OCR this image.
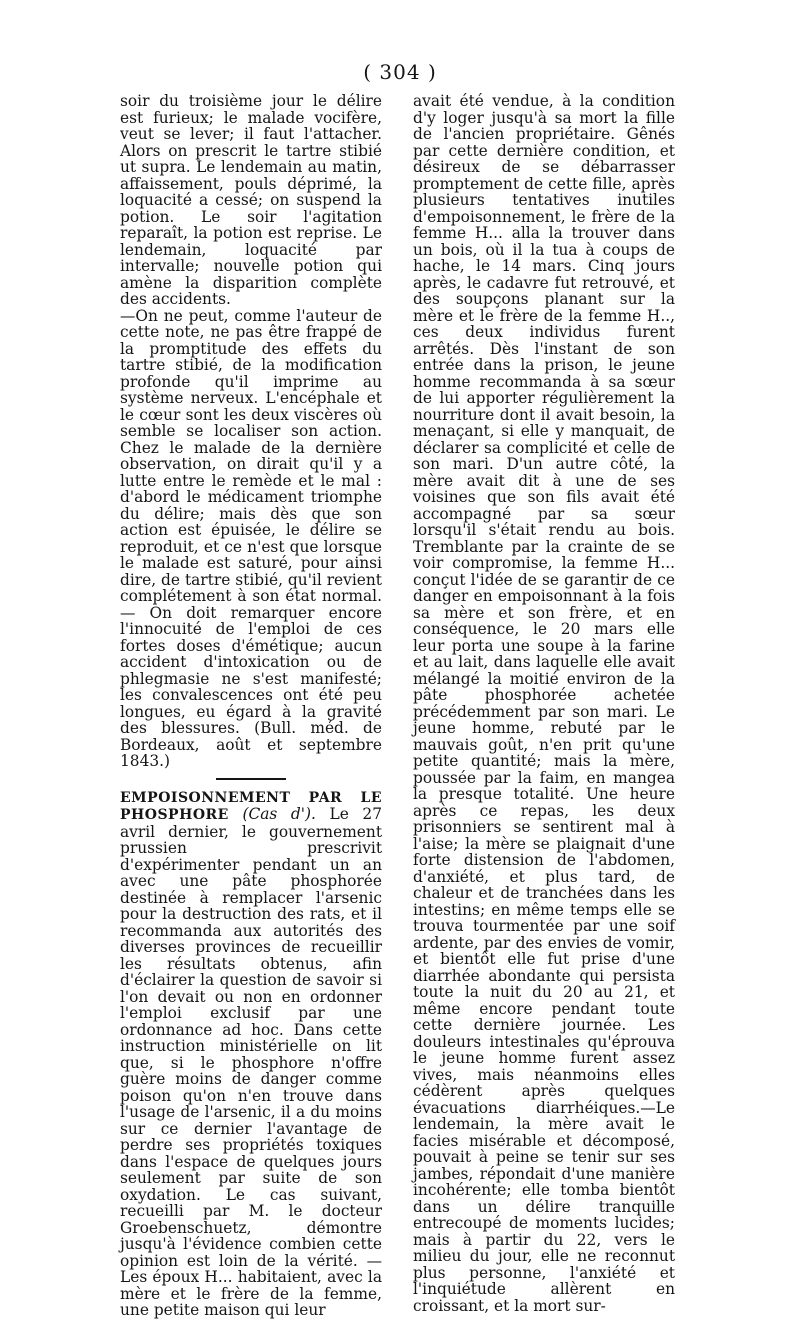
( 304 )

soir du troisième jour le délire est furieux; le malade vocifère, veut se lever; il faut l'attacher. Alors on prescrit le tartre stibié ut supra. Le lendemain au matin, affaissement, pouls déprimé, la loquacité a cessé; on suspend la potion. Le soir l'agitation reparaît, la potion est reprise. Le lendemain, loquacité par intervalle; nouvelle potion qui amène la disparition complète des accidents.

—On ne peut, comme l'auteur de cette note, ne pas être frappé de la promptitude des effets du tartre stibié, de la modification profonde qu'il imprime au système nerveux. L'encéphale et le cœur sont les deux viscères où semble se localiser son action. Chez le malade de la dernière observation, on dirait qu'il y a lutte entre le remède et le mal : d'abord le médicament triomphe du délire; mais dès que son action est épuisée, le délire se reproduit, et ce n'est que lorsque le malade est saturé, pour ainsi dire, de tartre stibié, qu'il revient complétement à son état normal. — On doit remarquer encore l'innocuité de l'emploi de ces fortes doses d'émétique; aucun accident d'intoxication ou de phlegmasie ne s'est manifesté; les convalescences ont été peu longues, eu égard à la gravité des blessures. (Bull. méd. de Bordeaux, août et septembre 1843.)

EMPOISONNEMENT PAR LE PHOSPHORE (Cas d'). Le 27 avril dernier, le gouvernement prussien prescrivit d'expérimenter pendant un an avec une pâte phosphorée destinée à remplacer l'arsenic pour la destruction des rats, et il recommanda aux autorités des diverses provinces de recueillir les résultats obtenus, afin d'éclairer la question de savoir si l'on devait ou non en ordonner l'emploi exclusif par une ordonnance ad hoc. Dans cette instruction ministérielle on lit que, si le phosphore n'offre guère moins de danger comme poison qu'on n'en trouve dans l'usage de l'arsenic, il a du moins sur ce dernier l'avantage de perdre ses propriétés toxiques dans l'espace de quelques jours seulement par suite de son oxydation. Le cas suivant, recueilli par M. le docteur Groebenschuetz, démontre jusqu'à l'évidence combien cette opinion est loin de la vérité. — Les époux H... habitaient, avec la mère et le frère de la femme, une petite maison qui leur

avait été vendue, à la condition d'y loger jusqu'à sa mort la fille de l'ancien propriétaire. Gênés par cette dernière condition, et désireux de se débarrasser promptement de cette fille, après plusieurs tentatives inutiles d'empoisonnement, le frère de la femme H... alla la trouver dans un bois, où il la tua à coups de hache, le 14 mars. Cinq jours après, le cadavre fut retrouvé, et des soupçons planant sur la mère et le frère de la femme H.., ces deux individus furent arrêtés. Dès l'instant de son entrée dans la prison, le jeune homme recommanda à sa sœur de lui apporter régulièrement la nourriture dont il avait besoin, la menaçant, si elle y manquait, de déclarer sa complicité et celle de son mari. D'un autre côté, la mère avait dit à une de ses voisines que son fils avait été accompagné par sa sœur lorsqu'il s'était rendu au bois. Tremblante par la crainte de se voir compromise, la femme H... conçut l'idée de se garantir de ce danger en empoisonnant à la fois sa mère et son frère, et en conséquence, le 20 mars elle leur porta une soupe à la farine et au lait, dans laquelle elle avait mélangé la moitié environ de la pâte phosphorée achetée précédemment par son mari. Le jeune homme, rebuté par le mauvais goût, n'en prit qu'une petite quantité; mais la mère, poussée par la faim, en mangea la presque totalité. Une heure après ce repas, les deux prisonniers se sentirent mal à l'aise; la mère se plaignait d'une forte distension de l'abdomen, d'anxiété, et plus tard, de chaleur et de tranchées dans les intestins; en même temps elle se trouva tourmentée par une soif ardente, par des envies de vomir, et bientôt elle fut prise d'une diarrhée abondante qui persista toute la nuit du 20 au 21, et même encore pendant toute cette dernière journée. Les douleurs intestinales qu'éprouva le jeune homme furent assez vives, mais néanmoins elles cédèrent après quelques évacuations diarrhéiques.—Le lendemain, la mère avait le facies misérable et décomposé, pouvait à peine se tenir sur ses jambes, répondait d'une manière incohérente; elle tomba bientôt dans un délire tranquille entrecoupé de moments lucides; mais à partir du 22, vers le milieu du jour, elle ne reconnut plus personne, l'anxiété et l'inquiétude allèrent en croissant, et la mort sur-
